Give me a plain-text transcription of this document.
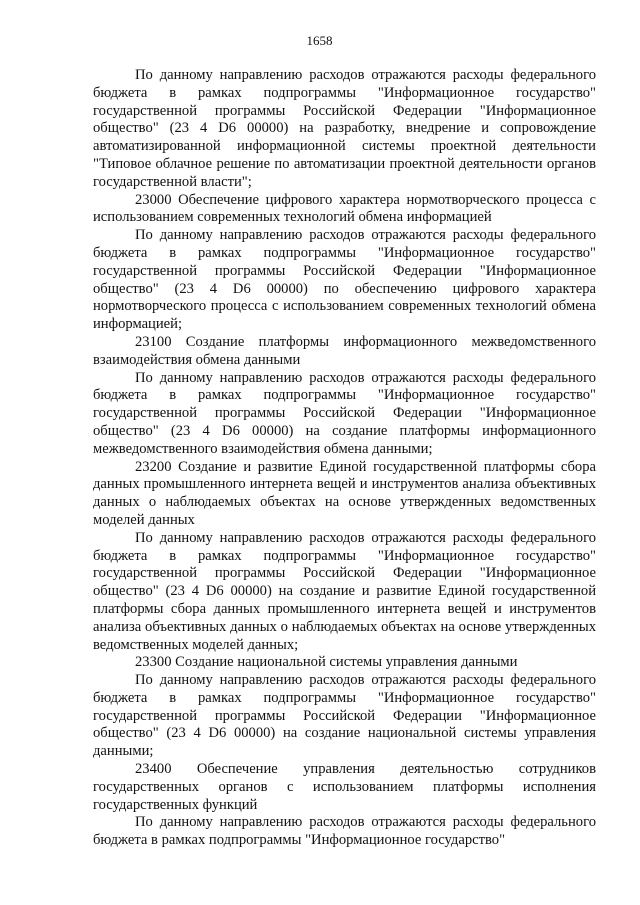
1658

По данному направлению расходов отражаются расходы федерального бюджета в рамках подпрограммы "Информационное государство" государственной программы Российской Федерации "Информационное общество" (23 4 D6 00000) на разработку, внедрение и сопровождение автоматизированной информационной системы проектной деятельности "Типовое облачное решение по автоматизации проектной деятельности органов государственной власти";

23000 Обеспечение цифрового характера нормотворческого процесса с использованием современных технологий обмена информацией

По данному направлению расходов отражаются расходы федерального бюджета в рамках подпрограммы "Информационное государство" государственной программы Российской Федерации "Информационное общество" (23 4 D6 00000) по обеспечению цифрового характера нормотворческого процесса с использованием современных технологий обмена информацией;

23100 Создание платформы информационного межведомственного взаимодействия обмена данными

По данному направлению расходов отражаются расходы федерального бюджета в рамках подпрограммы "Информационное государство" государственной программы Российской Федерации "Информационное общество" (23 4 D6 00000) на создание платформы информационного межведомственного взаимодействия обмена данными;

23200 Создание и развитие Единой государственной платформы сбора данных промышленного интернета вещей и инструментов анализа объективных данных о наблюдаемых объектах на основе утвержденных ведомственных моделей данных

По данному направлению расходов отражаются расходы федерального бюджета в рамках подпрограммы "Информационное государство" государственной программы Российской Федерации "Информационное общество" (23 4 D6 00000) на создание и развитие Единой государственной платформы сбора данных промышленного интернета вещей и инструментов анализа объективных данных о наблюдаемых объектах на основе утвержденных ведомственных моделей данных;

23300 Создание национальной системы управления данными

По данному направлению расходов отражаются расходы федерального бюджета в рамках подпрограммы "Информационное государство" государственной программы Российской Федерации "Информационное общество" (23 4 D6 00000) на создание национальной системы управления данными;

23400 Обеспечение управления деятельностью сотрудников государственных органов с использованием платформы исполнения государственных функций

По данному направлению расходов отражаются расходы федерального бюджета в рамках подпрограммы "Информационное государство"
